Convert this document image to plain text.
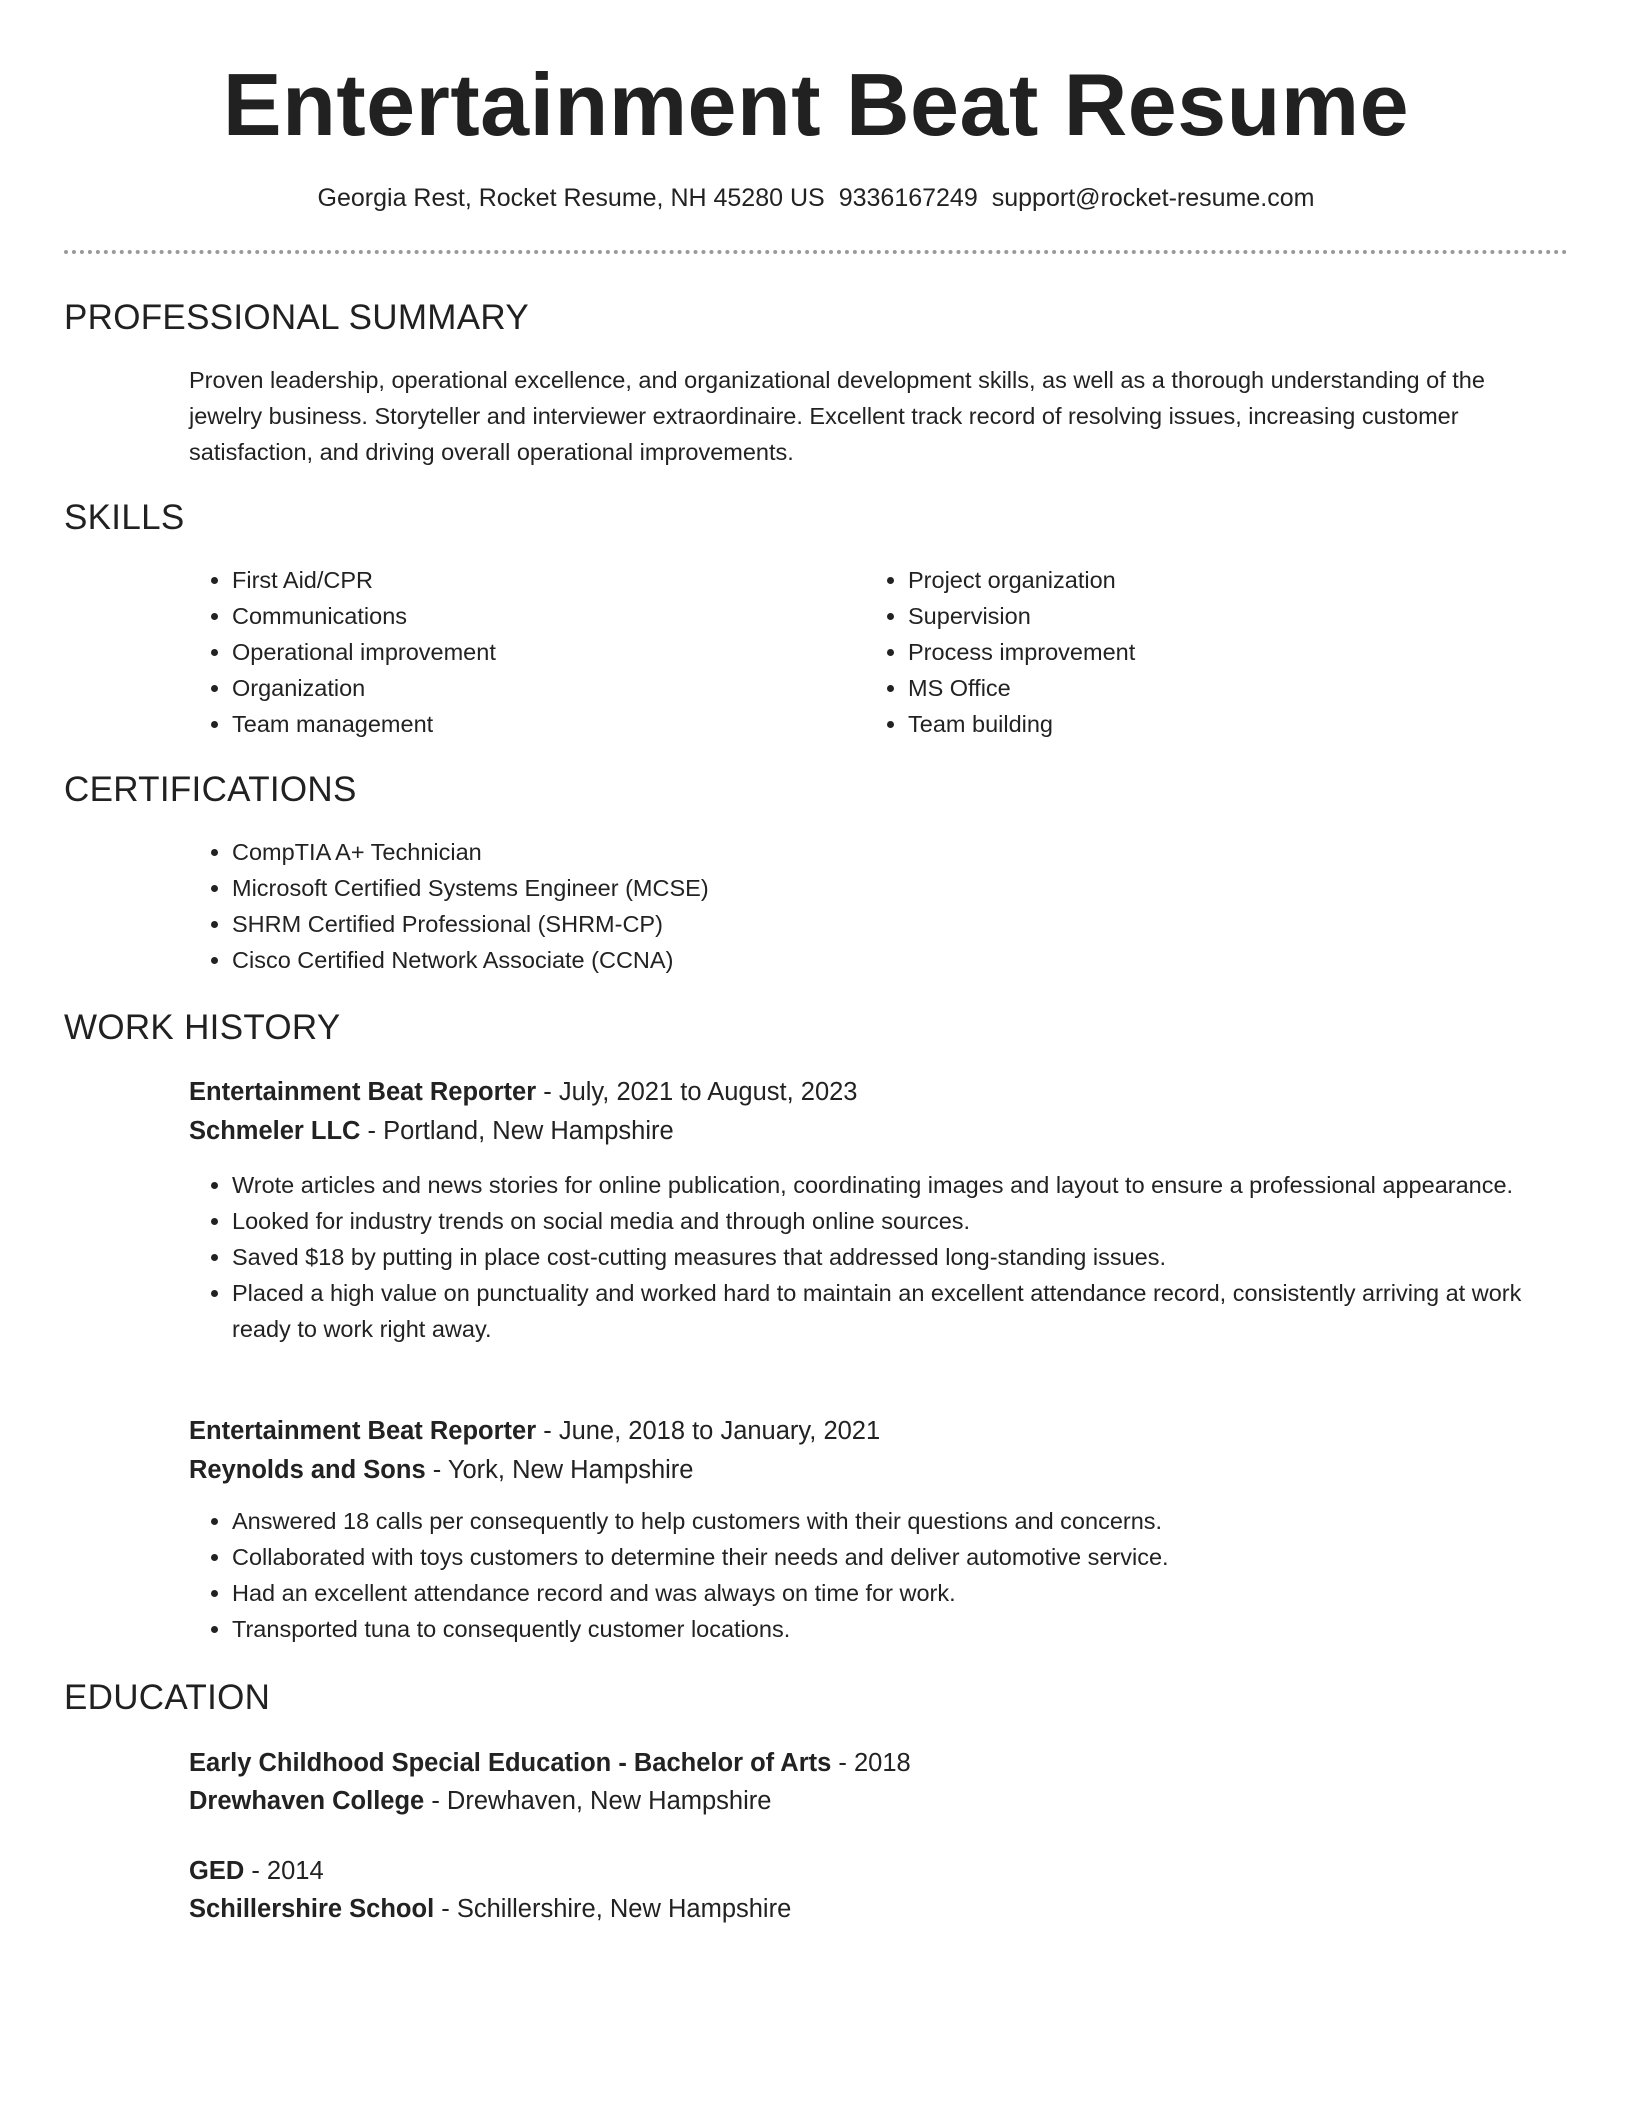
Entertainment Beat Resume
Georgia Rest, Rocket Resume, NH 45280 US 9336167249 support@rocket-resume.com
PROFESSIONAL SUMMARY

Proven leadership, operational excellence, and organizational development skills, as well as a thorough understanding of the jewelry business. Storyteller and interviewer extraordinaire. Excellent track record of resolving issues, increasing customer satisfaction, and driving overall operational improvements.

SKILLS
• First Aid/CPR
• Communications
• Operational improvement
• Organization
• Team management
• Project organization
• Supervision
• Process improvement
• MS Office
• Team building
CERTIFICATIONS
• CompTIA A+ Technician
• Microsoft Certified Systems Engineer (MCSE)
• SHRM Certified Professional (SHRM-CP)
• Cisco Certified Network Associate (CCNA)
WORK HISTORY
Entertainment Beat Reporter - July, 2021 to August, 2023
Schmeler LLC - Portland, New Hampshire
• Wrote articles and news stories for online publication, coordinating images and layout to ensure a professional appearance.
• Looked for industry trends on social media and through online sources.
• Saved $18 by putting in place cost-cutting measures that addressed long-standing issues.
• Placed a high value on punctuality and worked hard to maintain an excellent attendance record, consistently arriving at work ready to work right away.
Entertainment Beat Reporter - June, 2018 to January, 2021
Reynolds and Sons - York, New Hampshire
• Answered 18 calls per consequently to help customers with their questions and concerns.
• Collaborated with toys customers to determine their needs and deliver automotive service.
• Had an excellent attendance record and was always on time for work.
• Transported tuna to consequently customer locations.
EDUCATION
Early Childhood Special Education - Bachelor of Arts - 2018
Drewhaven College - Drewhaven, New Hampshire
GED - 2014
Schillershire School - Schillershire, New Hampshire
